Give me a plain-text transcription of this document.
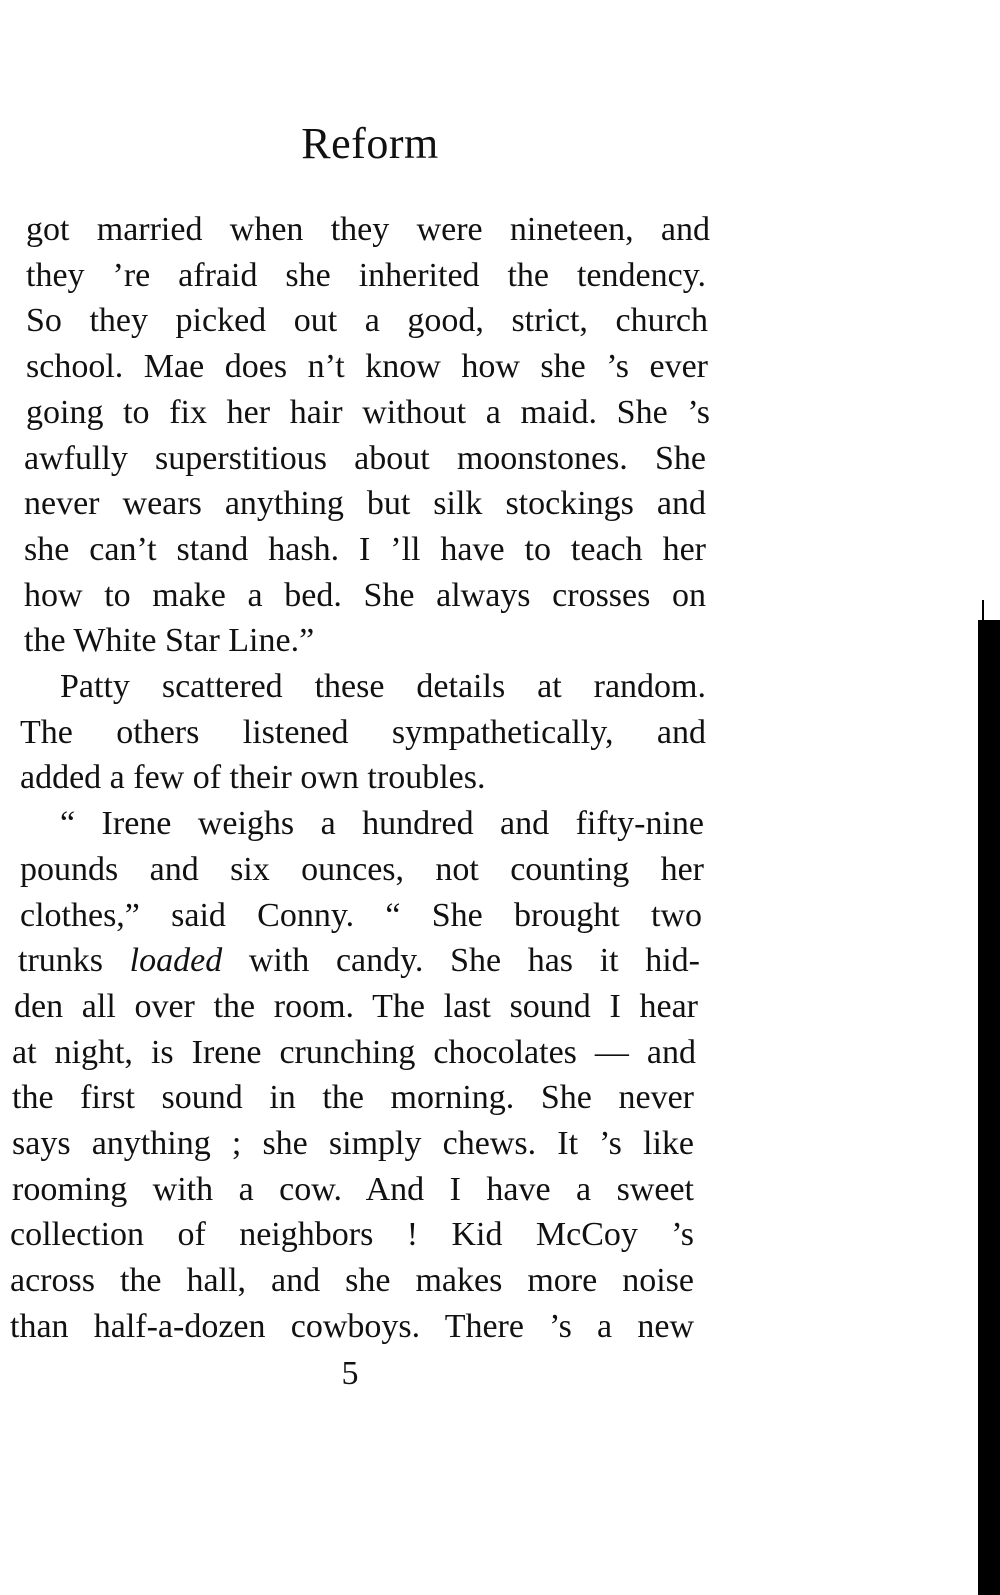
Reform
got married when they were nineteen, and
they ’re afraid she inherited the tendency.
So they picked out a good, strict, church
school. Mae does n’t know how she ’s ever
going to fix her hair without a maid. She ’s
awfully superstitious about moonstones. She
never wears anything but silk stockings and
she can’t stand hash. I ’ll have to teach her
how to make a bed. She always crosses on
the White Star Line.”
Patty scattered these details at random.
The others listened sympathetically, and
added a few of their own troubles.
“ Irene weighs a hundred and fifty-nine
pounds and six ounces, not counting her
clothes,” said Conny. “ She brought two
trunks loaded with candy. She has it hid-
den all over the room. The last sound I hear
at night, is Irene crunching chocolates — and
the first sound in the morning. She never
says anything ; she simply chews. It ’s like
rooming with a cow. And I have a sweet
collection of neighbors ! Kid McCoy ’s
across the hall, and she makes more noise
than half-a-dozen cowboys. There ’s a new
5
